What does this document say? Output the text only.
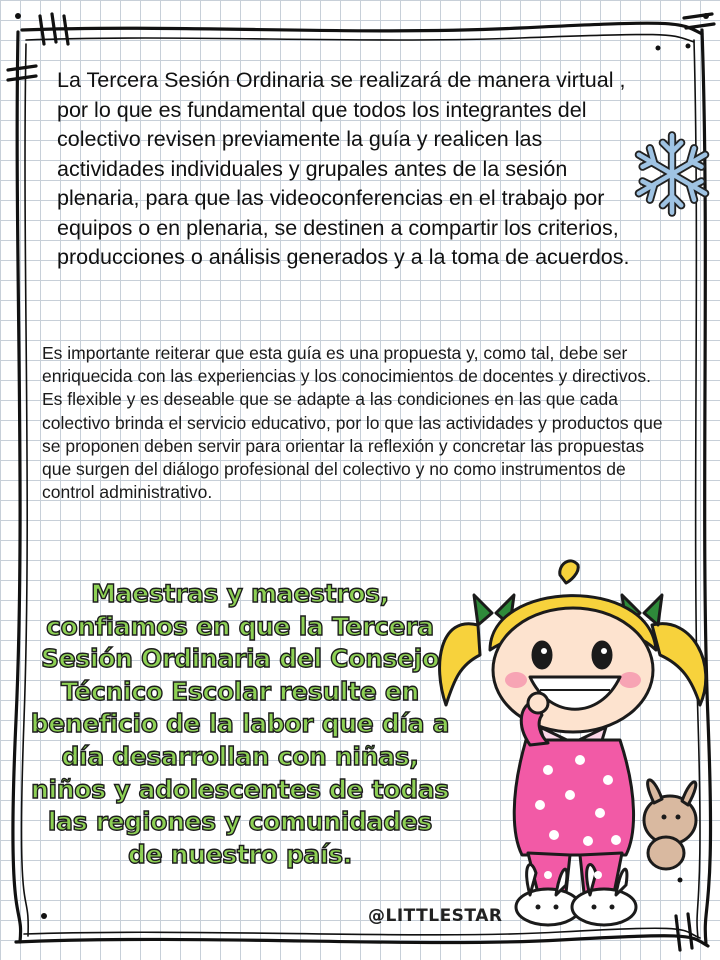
La Tercera Sesión Ordinaria se realizará de manera virtual , por lo que es fundamental que todos los integrantes del colectivo revisen previamente la guía y realicen las actividades individuales y grupales antes de la sesión plenaria, para que las videoconferencias en el trabajo por equipos o en plenaria, se destinen a compartir los criterios, producciones o análisis generados y a la toma de acuerdos.

Es importante reiterar que esta guía es una propuesta y, como tal, debe ser enriquecida con las experiencias y los conocimientos de docentes y directivos. Es flexible y es deseable que se adapte a las condiciones en las que cada colectivo brinda el servicio educativo, por lo que las actividades y productos que se proponen deben servir para orientar la reflexión y concretar las propuestas que surgen del diálogo profesional del colectivo y no como instrumentos de control administrativo.

Maestras y maestros, confiamos en que la Tercera Sesión Ordinaria del Consejo Técnico Escolar resulte en beneficio de la labor que día a día desarrollan con niñas, niños y adolescentes de todas las regiones y comunidades de nuestro país.

@LITTLESTAR
